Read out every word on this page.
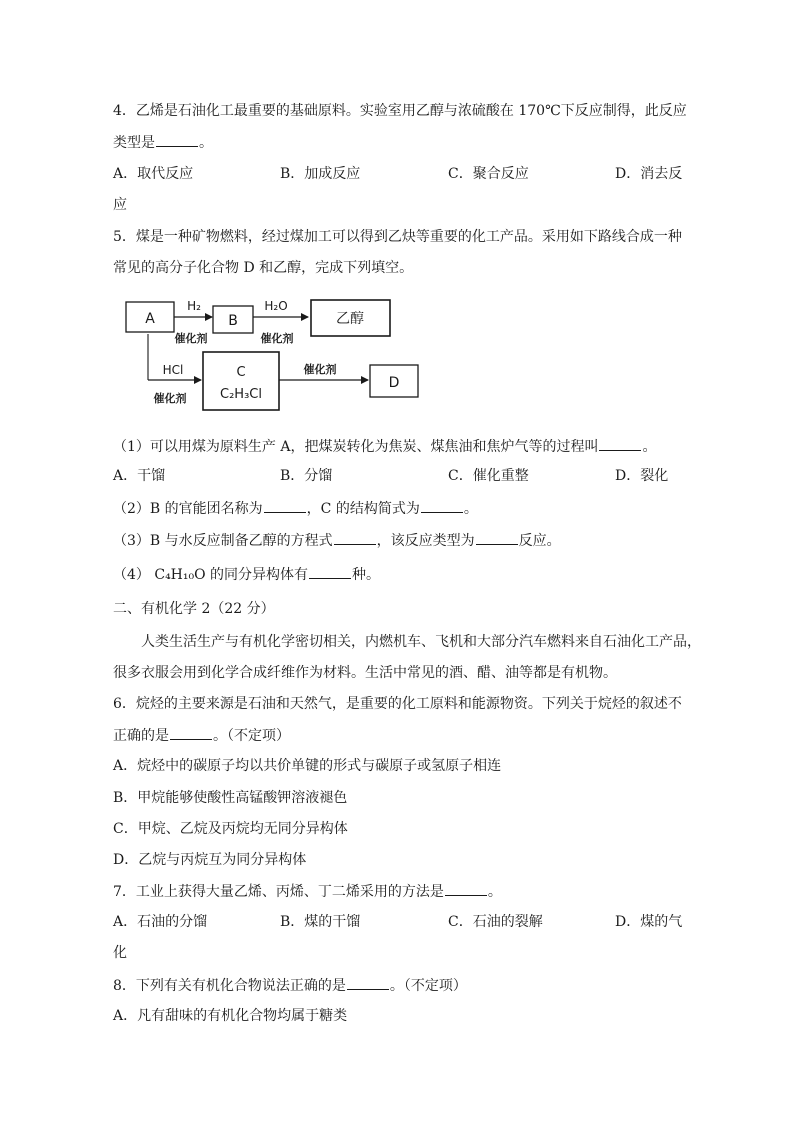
4．乙烯是石油化工最重要的基础原料。实验室用乙醇与浓硫酸在 170℃下反应制得，此反应
类型是	。
A．取代反应	B．加成反应	C．聚合反应	D．消去反
应
5．煤是一种矿物燃料，经过煤加工可以得到乙炔等重要的化工产品。采用如下路线合成一种
常见的高分子化合物 D 和乙醇，完成下列填空。
A
H₂
催化剂
B
H₂O
催化剂
乙醇
HCl
催化剂
C
C₂H₃Cl
催化剂
D
（1）可以用煤为原料生产 A，把煤炭转化为焦炭、煤焦油和焦炉气等的过程叫	。
A．干馏	B．分馏	C．催化重整	D．裂化
（2）B 的官能团名称为	，C 的结构简式为	。
（3）B 与水反应制备乙醇的方程式	，该反应类型为	反应。
（4） C₄H₁₀O 的同分异构体有	种。
二、有机化学 2（22 分）
人类生活生产与有机化学密切相关，内燃机车、飞机和大部分汽车燃料来自石油化工产品，
很多衣服会用到化学合成纤维作为材料。生活中常见的酒、醋、油等都是有机物。
6．烷烃的主要来源是石油和天然气，是重要的化工原料和能源物资。下列关于烷烃的叙述不
正确的是	。（不定项）
A．烷烃中的碳原子均以共价单键的形式与碳原子或氢原子相连
B．甲烷能够使酸性高锰酸钾溶液褪色
C．甲烷、乙烷及丙烷均无同分异构体
D．乙烷与丙烷互为同分异构体
7．工业上获得大量乙烯、丙烯、丁二烯采用的方法是	。
A．石油的分馏	B．煤的干馏	C．石油的裂解	D．煤的气
化
8．下列有关有机化合物说法正确的是	。（不定项）
A．凡有甜味的有机化合物均属于糖类
